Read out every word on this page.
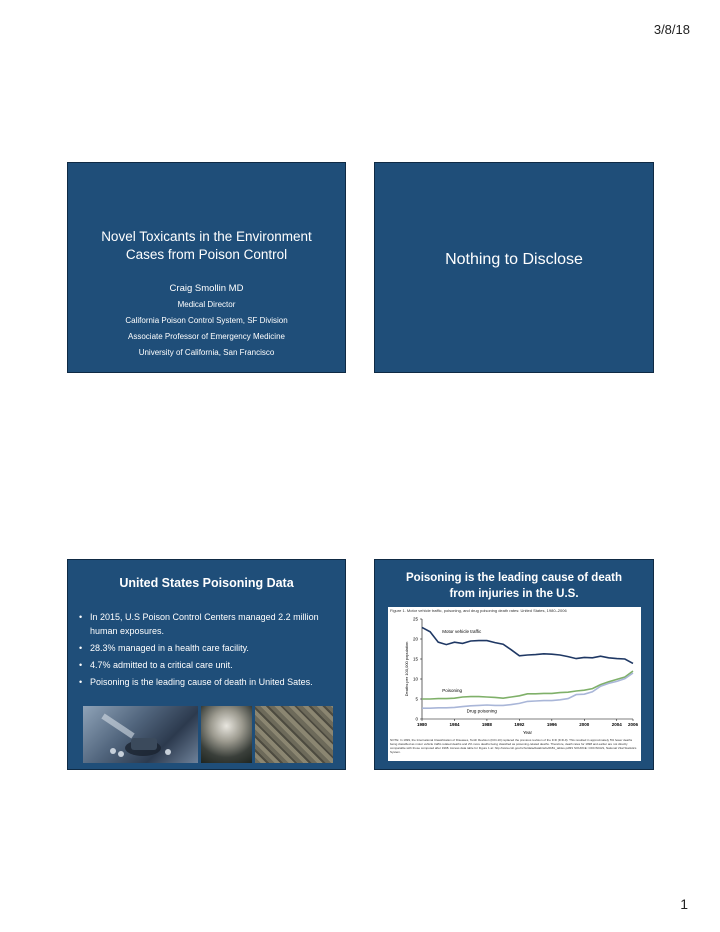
3/8/18
Novel Toxicants in the Environment
Cases from Poison Control
Craig Smollin MD
Medical Director
California Poison Control System, SF Division
Associate Professor of Emergency Medicine
University of California, San Francisco
Nothing to Disclose
United States Poisoning Data
• In 2015, U.S Poison Control Centers managed 2.2 million human exposures.
• 28.3% managed in a health care facility.
• 4.7% admitted to a critical care unit.
• Poisoning is the leading cause of death in United Sates.
Poisoning is the leading cause of death
from injuries in the U.S.
Figure 1. Motor vehicle traffic, poisoning, and drug poisoning death rates: United States, 1980–2006
0
5
10
15
20
25
1980	1984	1988	1992	1996	2000	2004 2006
Year
Deaths per 100,000 population
Motor vehicle traffic
Poisoning
Drug poisoning
NOTE: In 1999, the International Classification of Diseases, Tenth Revision (ICD-10) replaced the previous revision of the ICD (ICD-9). This resulted in approximately 5% fewer deaths being classified as motor vehicle traffic-related deaths and 2% more deaths being classified as poisoning-related deaths. Therefore, death rates for 1998 and earlier are not directly comparable with those computed after 1998. Access data table for Figure 1 at: http://www.cdc.gov/nchs/data/databriefs/db81_tables.pdf#1 SOURCE: CDC/NCHS, National Vital Statistics System.
1
